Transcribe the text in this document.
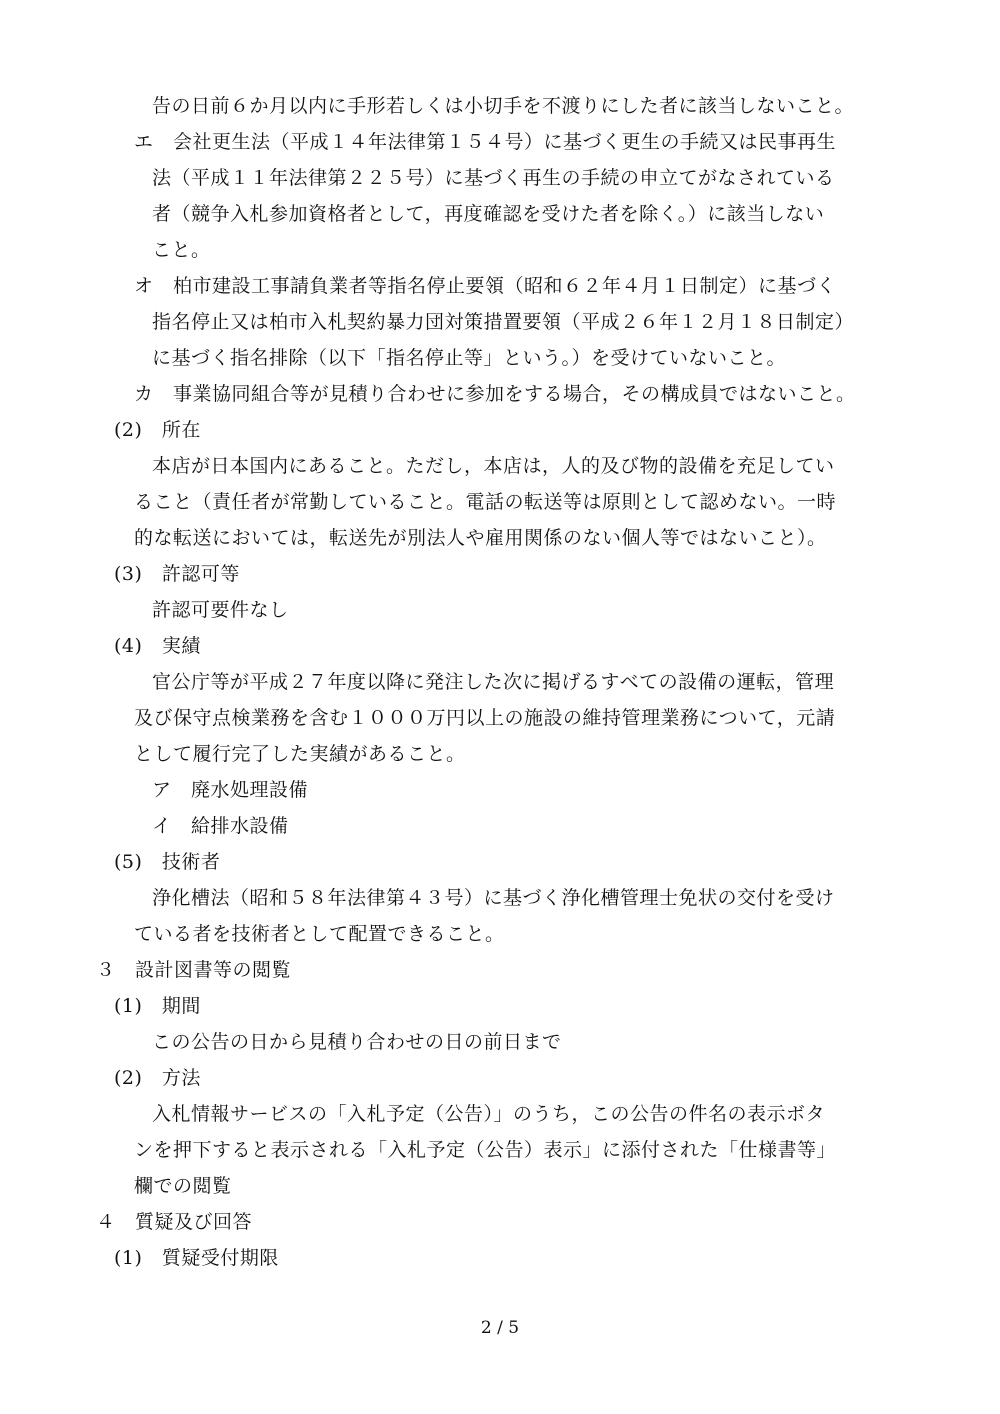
告の日前６か月以内に手形若しくは小切手を不渡りにした者に該当しないこと。
エ　会社更生法（平成１４年法律第１５４号）に基づく更生の手続又は民事再生
法（平成１１年法律第２２５号）に基づく再生の手続の申立てがなされている
者（競争入札参加資格者として，再度確認を受けた者を除く。）に該当しない
こと。
オ　柏市建設工事請負業者等指名停止要領（昭和６２年４月１日制定）に基づく
指名停止又は柏市入札契約暴力団対策措置要領（平成２６年１２月１８日制定）
に基づく指名排除（以下「指名停止等」という。）を受けていないこと。
カ　事業協同組合等が見積り合わせに参加をする場合，その構成員ではないこと。
(2)　所在
本店が日本国内にあること。ただし，本店は，人的及び物的設備を充足してい
ること（責任者が常勤していること。電話の転送等は原則として認めない。一時
的な転送においては，転送先が別法人や雇用関係のない個人等ではないこと）。
(3)　許認可等
許認可要件なし
(4)　実績
官公庁等が平成２７年度以降に発注した次に掲げるすべての設備の運転，管理
及び保守点検業務を含む１０００万円以上の施設の維持管理業務について，元請
として履行完了した実績があること。
ア　廃水処理設備
イ　給排水設備
(5)　技術者
浄化槽法（昭和５８年法律第４３号）に基づく浄化槽管理士免状の交付を受け
ている者を技術者として配置できること。
３　設計図書等の閲覧
(1)　期間
この公告の日から見積り合わせの日の前日まで
(2)　方法
入札情報サービスの「入札予定（公告）」のうち，この公告の件名の表示ボタ
ンを押下すると表示される「入札予定（公告）表示」に添付された「仕様書等」
欄での閲覧
４　質疑及び回答
(1)　質疑受付期限
2 / 5
